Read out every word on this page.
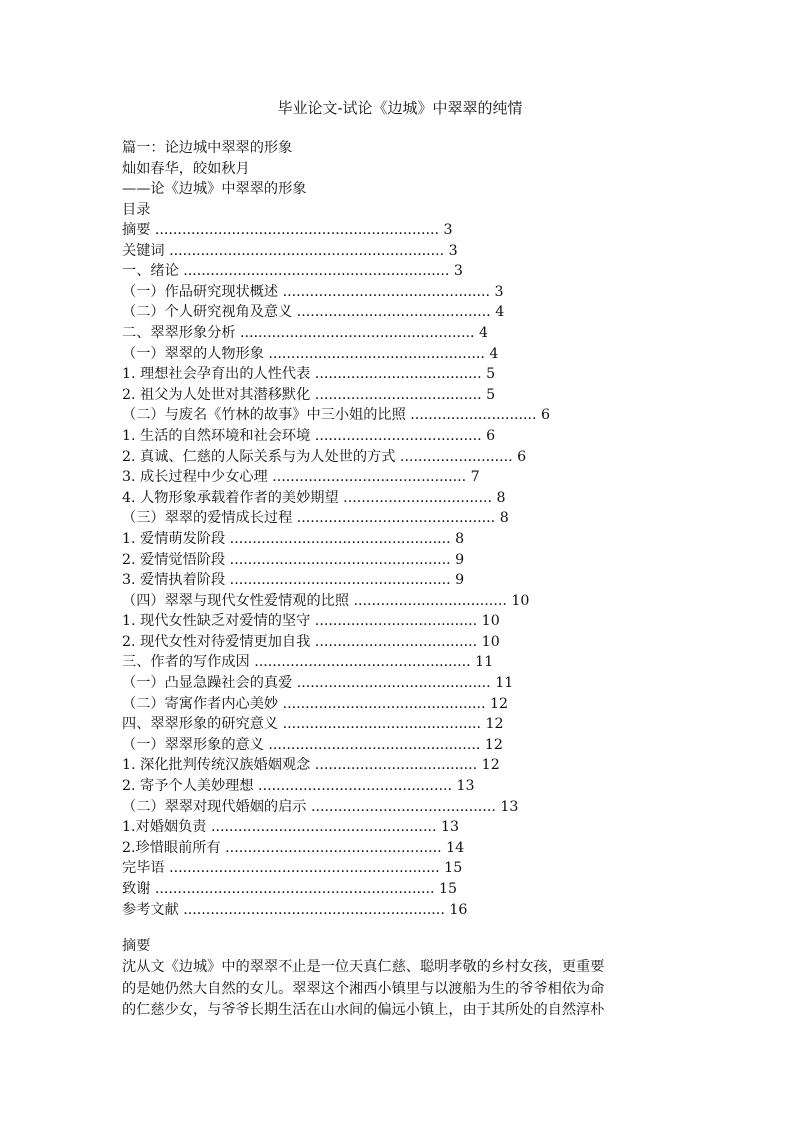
毕业论文-试论《边城》中翠翠的纯情
篇一：论边城中翠翠的形象
灿如春华，皎如秋月
——论《边城》中翠翠的形象
目录
摘要 ............................................................... 3
关键词 ............................................................. 3
一、绪论 ........................................................... 3
（一）作品研究现状概述 .............................................. 3
（二）个人研究视角及意义 ........................................... 4
二、翠翠形象分析 .................................................... 4
（一）翠翠的人物形象 ................................................ 4
1. 理想社会孕育出的人性代表 ..................................... 5
2. 祖父为人处世对其潜移默化 ..................................... 5
（二）与废名《竹林的故事》中三小姐的比照 ............................ 6
1. 生活的自然环境和社会环境 ..................................... 6
2. 真诚、仁慈的人际关系与为人处世的方式 ......................... 6
3. 成长过程中少女心理 ........................................... 7
4. 人物形象承载着作者的美妙期望 ................................. 8
（三）翠翠的爱情成长过程 ............................................ 8
1. 爱情萌发阶段 ................................................. 8
2. 爱情觉悟阶段 ................................................. 9
3. 爱情执着阶段 ................................................. 9
（四）翠翠与现代女性爱情观的比照 .................................. 10
1. 现代女性缺乏对爱情的坚守 .................................... 10
2. 现代女性对待爱情更加自我 .................................... 10
三、作者的写作成因 ................................................ 11
（一）凸显急躁社会的真爱 ........................................... 11
（二）寄寓作者内心美妙 ............................................. 12
四、翠翠形象的研究意义 ............................................ 12
（一）翠翠形象的意义 ............................................... 12
1. 深化批判传统汉族婚姻观念 .................................... 12
2. 寄予个人美妙理想 ........................................... 13
（二）翠翠对现代婚姻的启示 ......................................... 13
1.对婚姻负责 .................................................. 13
2.珍惜眼前所有 ................................................ 14
完毕语 ............................................................ 15
致谢 .............................................................. 15
参考文献 .......................................................... 16
摘要
沈从文《边城》中的翠翠不止是一位天真仁慈、聪明孝敬的乡村女孩，更重要
的是她仍然大自然的女儿。翠翠这个湘西小镇里与以渡船为生的爷爷相依为命
的仁慈少女，与爷爷长期生活在山水间的偏远小镇上，由于其所处的自然淳朴
